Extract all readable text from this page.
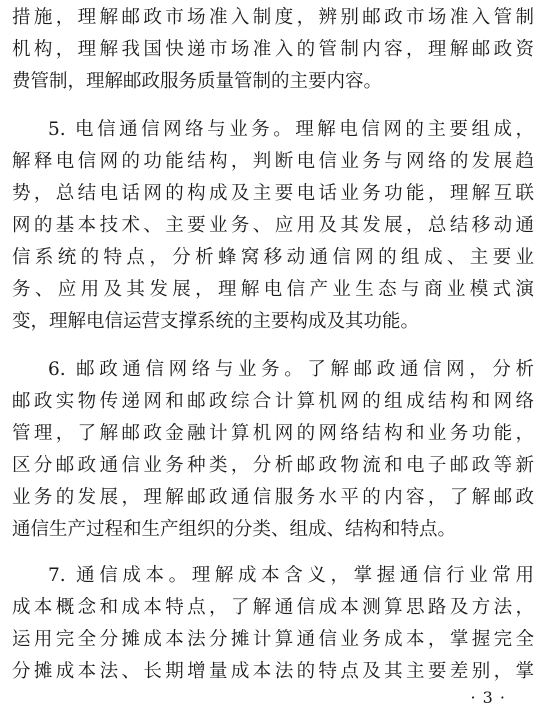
措施，理解邮政市场准入制度，辨别邮政市场准入管制
机构，理解我国快递市场准入的管制内容，理解邮政资
费管制，理解邮政服务质量管制的主要内容。
5. 电信通信网络与业务。理解电信网的主要组成，
解释电信网的功能结构，判断电信业务与网络的发展趋
势，总结电话网的构成及主要电话业务功能，理解互联
网的基本技术、主要业务、应用及其发展，总结移动通
信系统的特点，分析蜂窝移动通信网的组成、主要业
务、应用及其发展，理解电信产业生态与商业模式演
变，理解电信运营支撑系统的主要构成及其功能。
6. 邮政通信网络与业务。了解邮政通信网，分析
邮政实物传递网和邮政综合计算机网的组成结构和网络
管理，了解邮政金融计算机网的网络结构和业务功能，
区分邮政通信业务种类，分析邮政物流和电子邮政等新
业务的发展，理解邮政通信服务水平的内容，了解邮政
通信生产过程和生产组织的分类、组成、结构和特点。
7. 通信成本。理解成本含义，掌握通信行业常用
成本概念和成本特点，了解通信成本测算思路及方法，
运用完全分摊成本法分摊计算通信业务成本，掌握完全
分摊成本法、长期增量成本法的特点及其主要差别，掌
· 3 ·
